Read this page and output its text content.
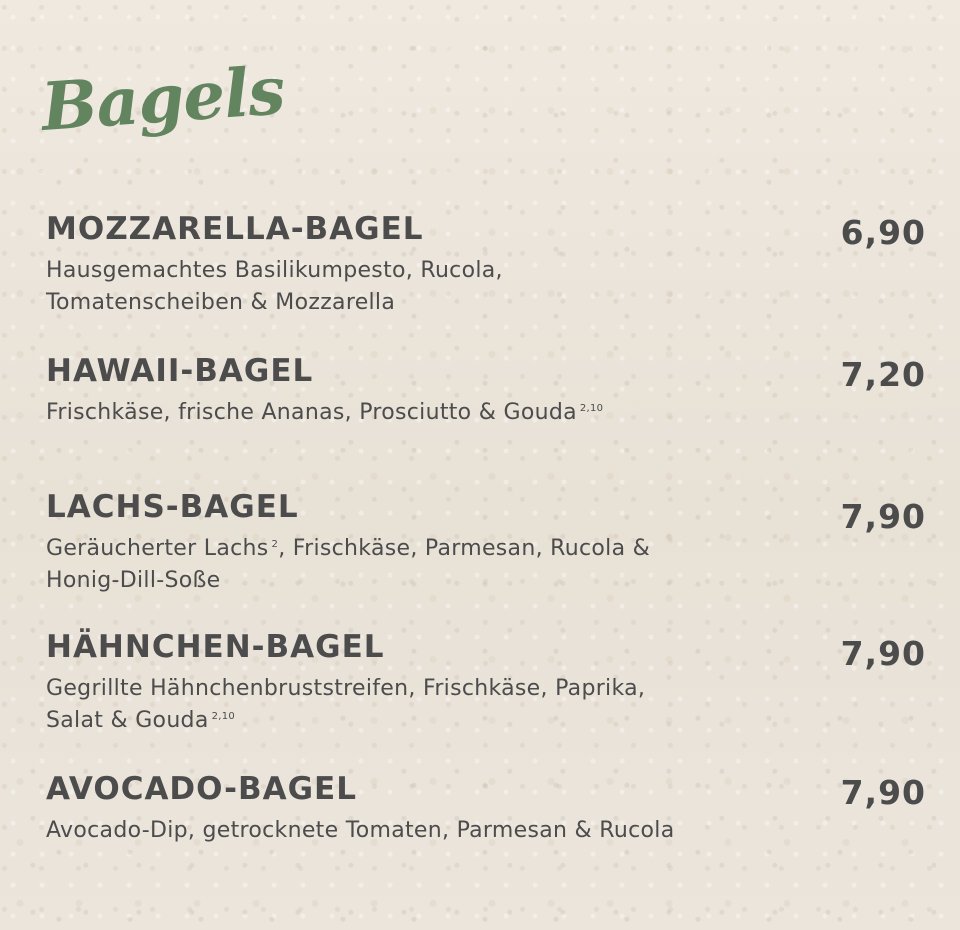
Bagels
MOZZARELLA-BAGEL	6,90

Hausgemachtes Basilikumpesto, Rucola, Tomatenscheiben & Mozzarella

HAWAII-BAGEL	7,20

Frischkäse, frische Ananas, Prosciutto & Gouda $^{2,10}$

LACHS-BAGEL	7,90

Geräucherter Lachs $^2$, Frischkäse, Parmesan, Rucola & Honig-Dill-Soße

HÄHNCHEN-BAGEL	7,90

Gegrillte Hähnchenbruststreifen, Frischkäse, Paprika, Salat & Gouda $^{2,10}$

AVOCADO-BAGEL	7,90

Avocado-Dip, getrocknete Tomaten, Parmesan & Rucola
